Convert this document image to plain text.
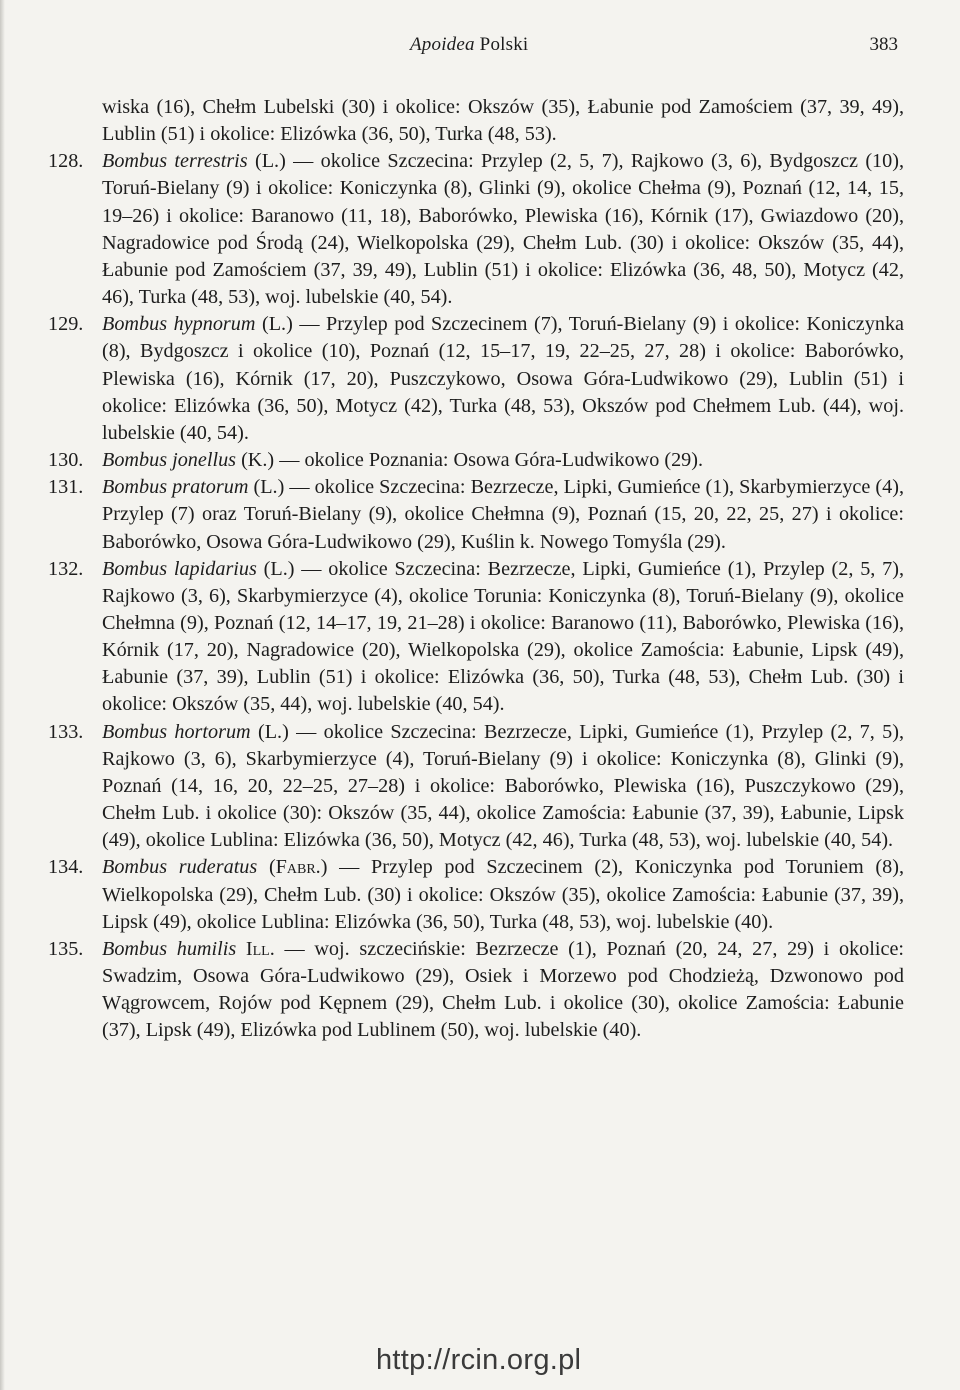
Apoidea Polski	383

wiska (16), Chełm Lubelski (30) i okolice: Okszów (35), Łabunie pod Zamościem (37, 39, 49), Lublin (51) i okolice: Elizówka (36, 50), Turka (48, 53).

128. Bombus terrestris (L.) — okolice Szczecina: Przylep (2, 5, 7), Rajkowo (3, 6), Bydgoszcz (10), Toruń-Bielany (9) i okolice: Koniczynka (8), Glinki (9), okolice Chełma (9), Poznań (12, 14, 15, 19–26) i okolice: Baranowo (11, 18), Baborówko, Plewiska (16), Kórnik (17), Gwiazdowo (20), Nagradowice pod Środą (24), Wielkopolska (29), Chełm Lub. (30) i okolice: Okszów (35, 44), Łabunie pod Zamościem (37, 39, 49), Lublin (51) i okolice: Elizówka (36, 48, 50), Motycz (42, 46), Turka (48, 53), woj. lubelskie (40, 54).

129. Bombus hypnorum (L.) — Przylep pod Szczecinem (7), Toruń-Bielany (9) i okolice: Koniczynka (8), Bydgoszcz i okolice (10), Poznań (12, 15–17, 19, 22–25, 27, 28) i okolice: Baborówko, Plewiska (16), Kórnik (17, 20), Puszczykowo, Osowa Góra-Ludwikowo (29), Lublin (51) i okolice: Elizówka (36, 50), Motycz (42), Turka (48, 53), Okszów pod Chełmem Lub. (44), woj. lubelskie (40, 54).

130. Bombus jonellus (K.) — okolice Poznania: Osowa Góra-Ludwikowo (29).

131. Bombus pratorum (L.) — okolice Szczecina: Bezrzecze, Lipki, Gumieńce (1), Skarbymierzyce (4), Przylep (7) oraz Toruń-Bielany (9), okolice Chełmna (9), Poznań (15, 20, 22, 25, 27) i okolice: Baborówko, Osowa Góra-Ludwikowo (29), Kuślin k. Nowego Tomyśla (29).

132. Bombus lapidarius (L.) — okolice Szczecina: Bezrzecze, Lipki, Gumieńce (1), Przylep (2, 5, 7), Rajkowo (3, 6), Skarbymierzyce (4), okolice Torunia: Koniczynka (8), Toruń-Bielany (9), okolice Chełmna (9), Poznań (12, 14–17, 19, 21–28) i okolice: Baranowo (11), Baborówko, Plewiska (16), Kórnik (17, 20), Nagradowice (20), Wielkopolska (29), okolice Zamościa: Łabunie, Lipsk (49), Łabunie (37, 39), Lublin (51) i okolice: Elizówka (36, 50), Turka (48, 53), Chełm Lub. (30) i okolice: Okszów (35, 44), woj. lubelskie (40, 54).

133. Bombus hortorum (L.) — okolice Szczecina: Bezrzecze, Lipki, Gumieńce (1), Przylep (2, 7, 5), Rajkowo (3, 6), Skarbymierzyce (4), Toruń-Bielany (9) i okolice: Koniczynka (8), Glinki (9), Poznań (14, 16, 20, 22–25, 27–28) i okolice: Baborówko, Plewiska (16), Puszczykowo (29), Chełm Lub. i okolice (30): Okszów (35, 44), okolice Zamościa: Łabunie (37, 39), Łabunie, Lipsk (49), okolice Lublina: Elizówka (36, 50), Motycz (42, 46), Turka (48, 53), woj. lubelskie (40, 54).

134. Bombus ruderatus (Fabr.) — Przylep pod Szczecinem (2), Koniczynka pod Toruniem (8), Wielkopolska (29), Chełm Lub. (30) i okolice: Okszów (35), okolice Zamościa: Łabunie (37, 39), Lipsk (49), okolice Lublina: Elizówka (36, 50), Turka (48, 53), woj. lubelskie (40).

135. Bombus humilis Ill. — woj. szczecińskie: Bezrzecze (1), Poznań (20, 24, 27, 29) i okolice: Swadzim, Osowa Góra-Ludwikowo (29), Osiek i Morzewo pod Chodzieżą, Dzwonowo pod Wągrowcem, Rojów pod Kępnem (29), Chełm Lub. i okolice (30), okolice Zamościa: Łabunie (37), Lipsk (49), Elizówka pod Lublinem (50), woj. lubelskie (40).

http://rcin.org.pl
